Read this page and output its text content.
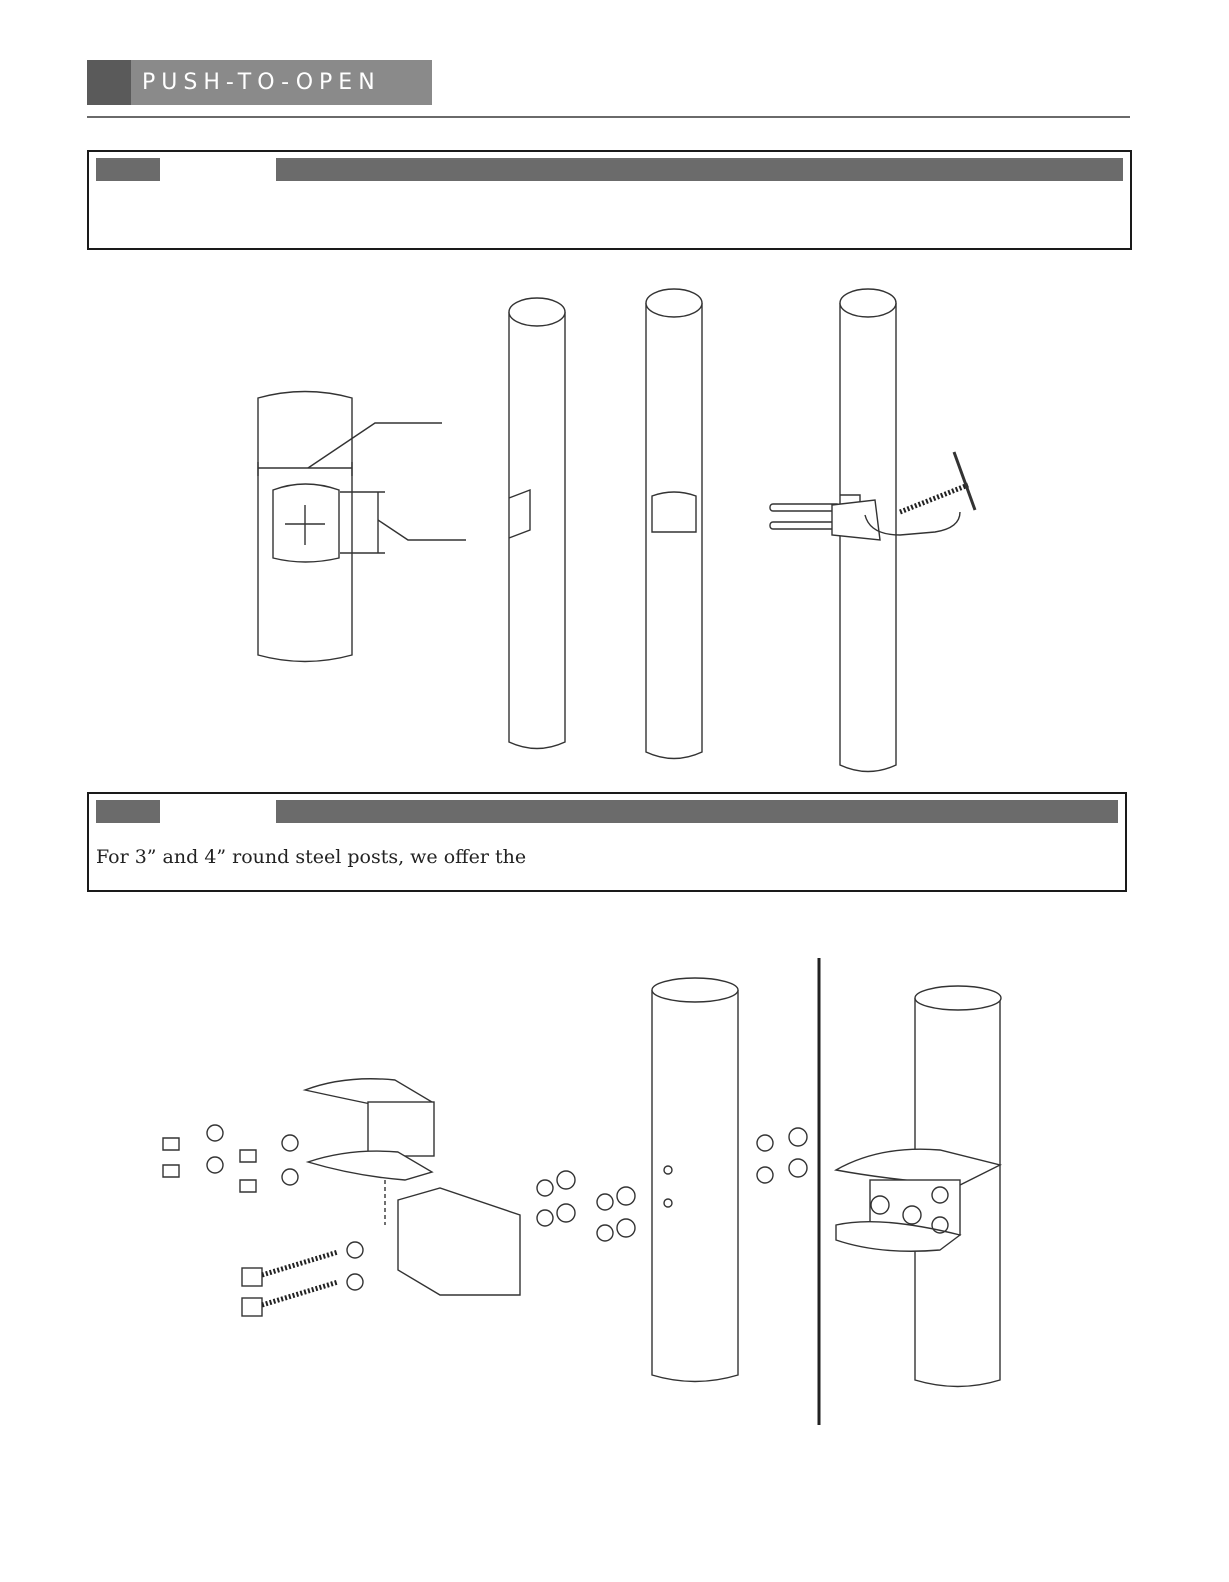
PUSH-TO-OPEN
For 3” and 4” round steel posts, we offer the
